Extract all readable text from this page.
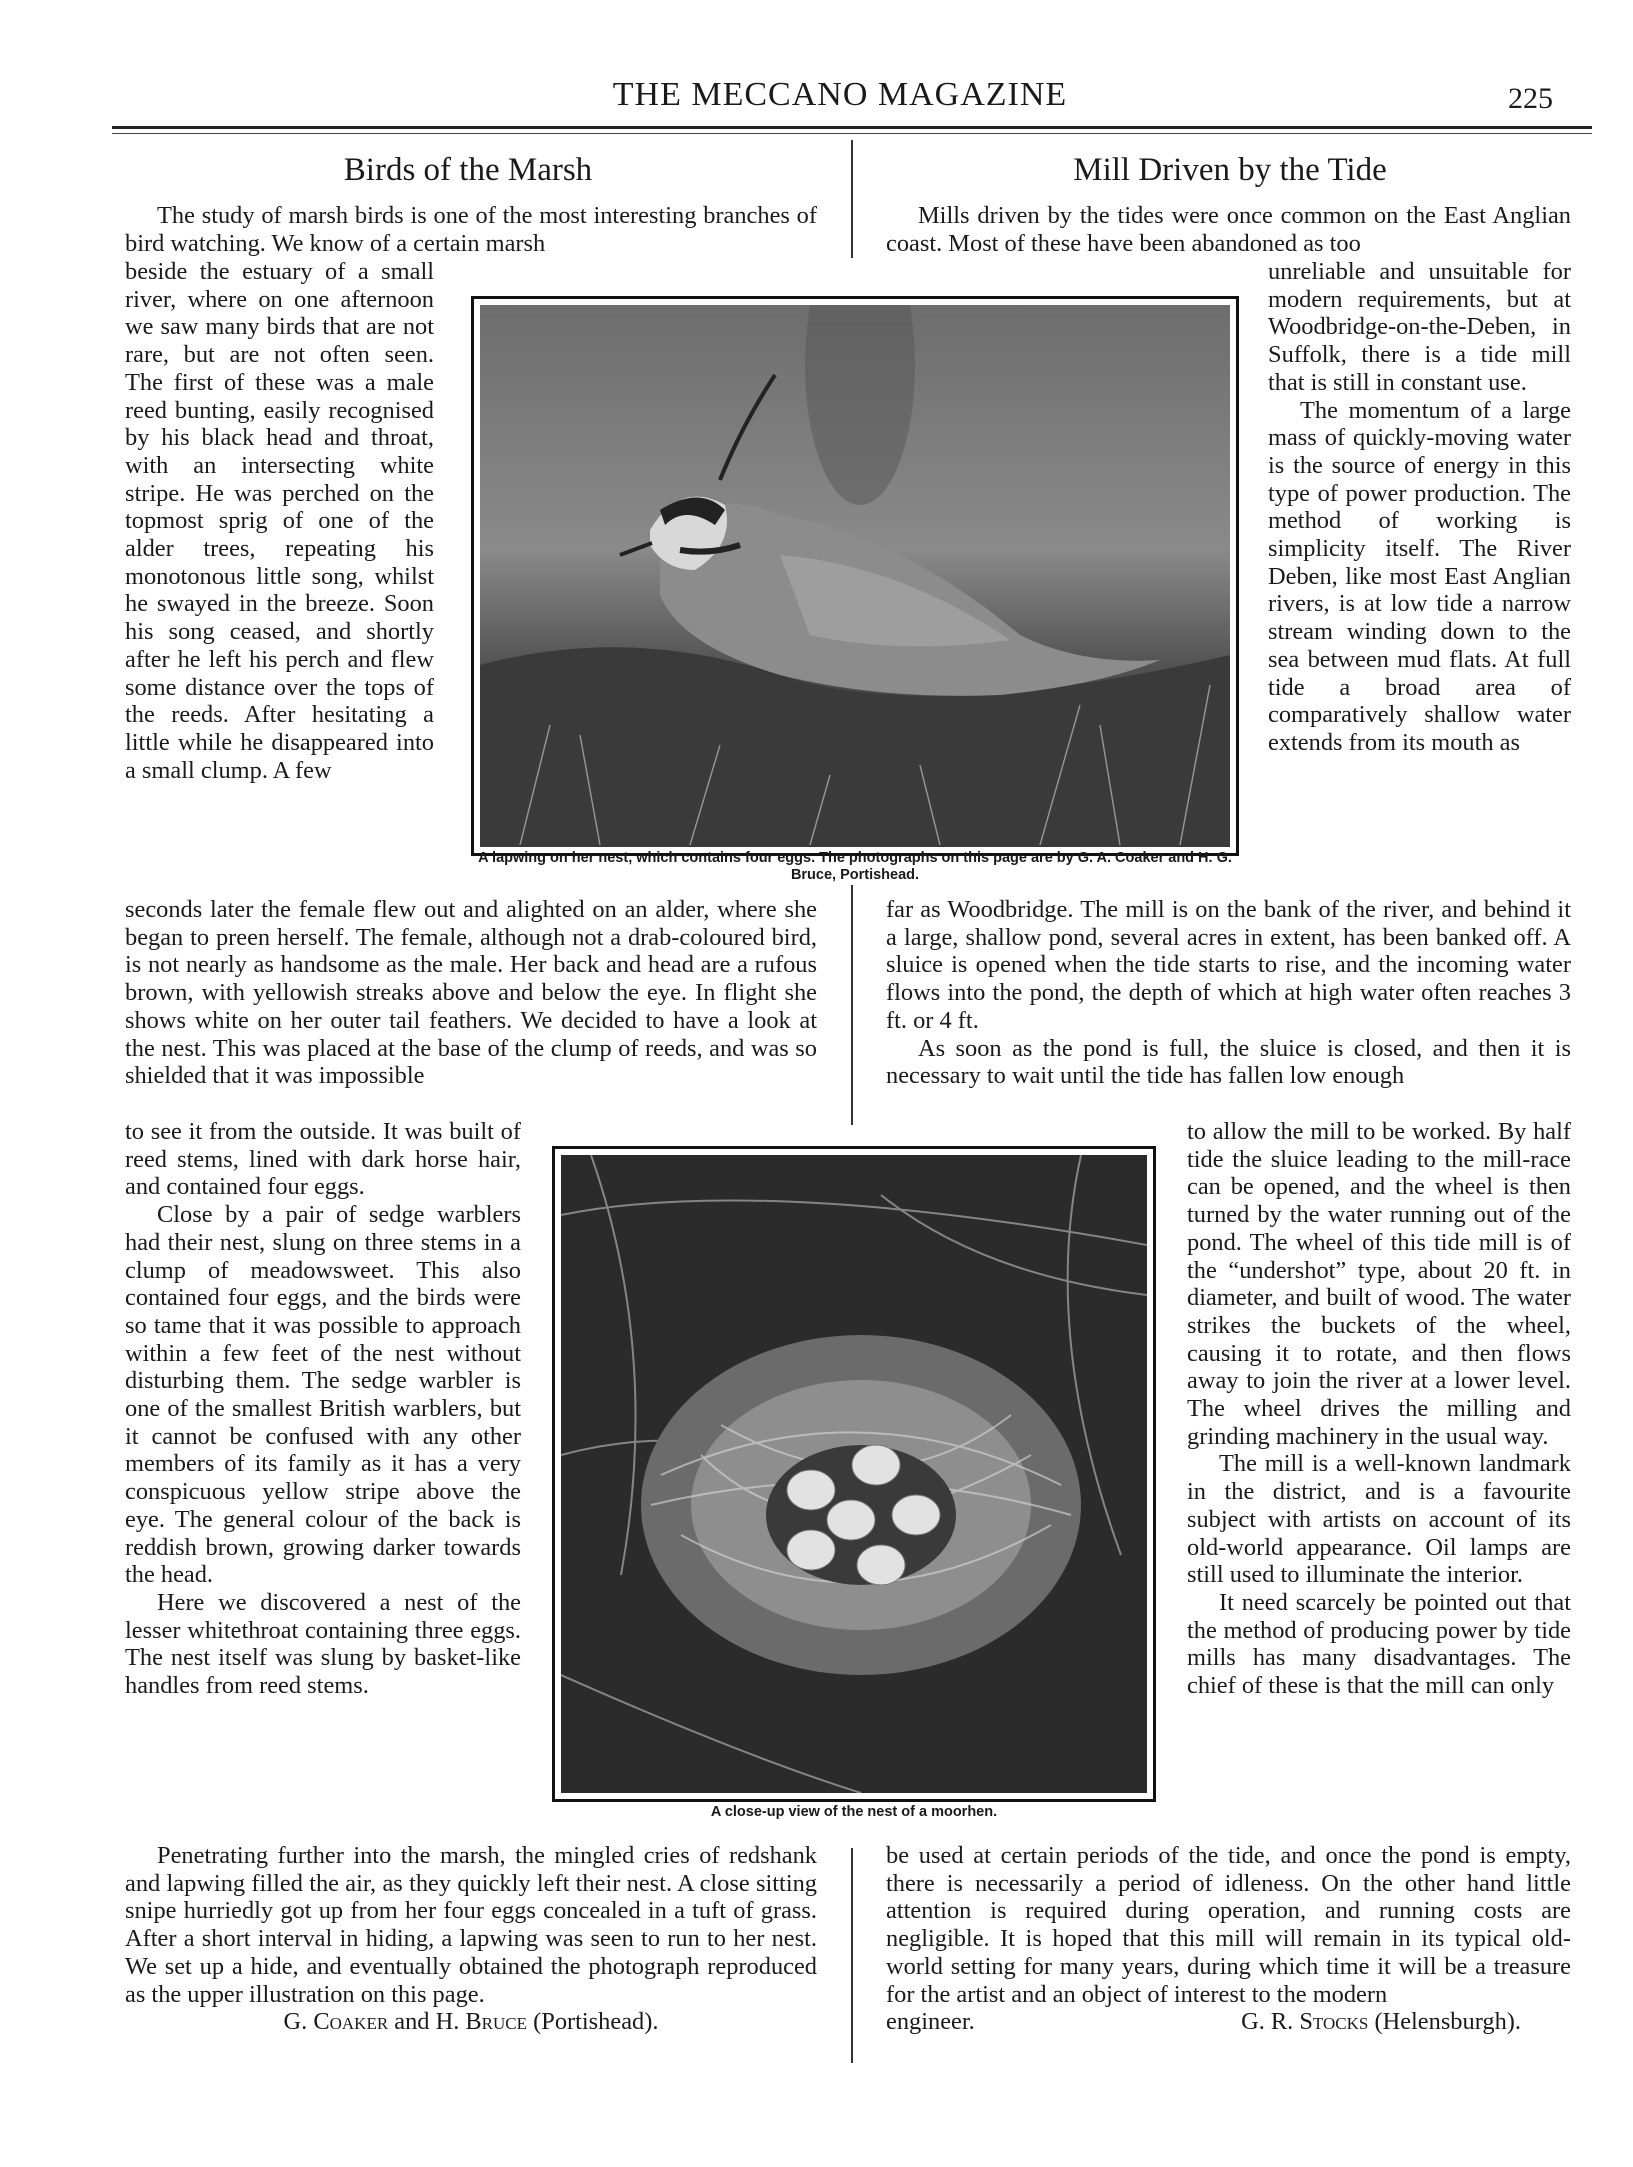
THE MECCANO MAGAZINE	225
Birds of the Marsh

The study of marsh birds is one of the most interesting branches of bird watching. We know of a certain marsh

beside the estuary of a small river, where on one afternoon we saw many birds that are not rare, but are not often seen. The first of these was a male reed bunting, easily recognised by his black head and throat, with an intersecting white stripe. He was perched on the topmost sprig of one of the alder trees, repeating his monotonous little song, whilst he swayed in the breeze. Soon his song ceased, and shortly after he left his perch and flew some distance over the tops of the reeds. After hesitating a little while he disappeared into a small clump. A few

seconds later the female flew out and alighted on an alder, where she began to preen herself. The female, although not a drab-coloured bird, is not nearly as handsome as the male. Her back and head are a rufous brown, with yellowish streaks above and below the eye. In flight she shows white on her outer tail feathers. We decided to have a look at the nest. This was placed at the base of the clump of reeds, and was so shielded that it was impossible

to see it from the outside. It was built of reed stems, lined with dark horse hair, and contained four eggs.

Close by a pair of sedge warblers had their nest, slung on three stems in a clump of meadowsweet. This also contained four eggs, and the birds were so tame that it was possible to approach within a few feet of the nest without disturbing them. The sedge warbler is one of the smallest British warblers, but it cannot be confused with any other members of its family as it has a very conspicuous yellow stripe above the eye. The general colour of the back is reddish brown, growing darker towards the head.

Here we discovered a nest of the lesser whitethroat containing three eggs. The nest itself was slung by basket-like handles from reed stems.

Penetrating further into the marsh, the mingled cries of redshank and lapwing filled the air, as they quickly left their nest. A close sitting snipe hurriedly got up from her four eggs concealed in a tuft of grass. After a short interval in hiding, a lapwing was seen to run to her nest. We set up a hide, and eventually obtained the photograph reproduced as the upper illustration on this page.

G. Coaker and H. Bruce (Portishead).

Mill Driven by the Tide

Mills driven by the tides were once common on the East Anglian coast. Most of these have been abandoned as too

unreliable and unsuitable for modern requirements, but at Woodbridge-on-the-Deben, in Suffolk, there is a tide mill that is still in constant use.

The momentum of a large mass of quickly-moving water is the source of energy in this type of power production. The method of working is simplicity itself. The River Deben, like most East Anglian rivers, is at low tide a narrow stream winding down to the sea between mud flats. At full tide a broad area of comparatively shallow water extends from its mouth as

far as Woodbridge. The mill is on the bank of the river, and behind it a large, shallow pond, several acres in extent, has been banked off. A sluice is opened when the tide starts to rise, and the incoming water flows into the pond, the depth of which at high water often reaches 3 ft. or 4 ft.

As soon as the pond is full, the sluice is closed, and then it is necessary to wait until the tide has fallen low enough

to allow the mill to be worked. By half tide the sluice leading to the mill-race can be opened, and the wheel is then turned by the water running out of the pond. The wheel of this tide mill is of the “undershot” type, about 20 ft. in diameter, and built of wood. The water strikes the buckets of the wheel, causing it to rotate, and then flows away to join the river at a lower level. The wheel drives the milling and grinding machinery in the usual way.

The mill is a well-known landmark in the district, and is a favourite subject with artists on account of its old-world appearance. Oil lamps are still used to illuminate the interior.

It need scarcely be pointed out that the method of producing power by tide mills has many disadvantages. The chief of these is that the mill can only

be used at certain periods of the tide, and once the pond is empty, there is necessarily a period of idleness. On the other hand little attention is required during operation, and running costs are negligible. It is hoped that this mill will remain in its typical old-world setting for many years, during which time it will be a treasure for the artist and an object of interest to the modern

engineer.	G. R. Stocks (Helensburgh).

A lapwing on her nest, which contains four eggs. The photographs on this page are by G. A. Coaker and H. G. Bruce, Portishead.
A close-up view of the nest of a moorhen.
